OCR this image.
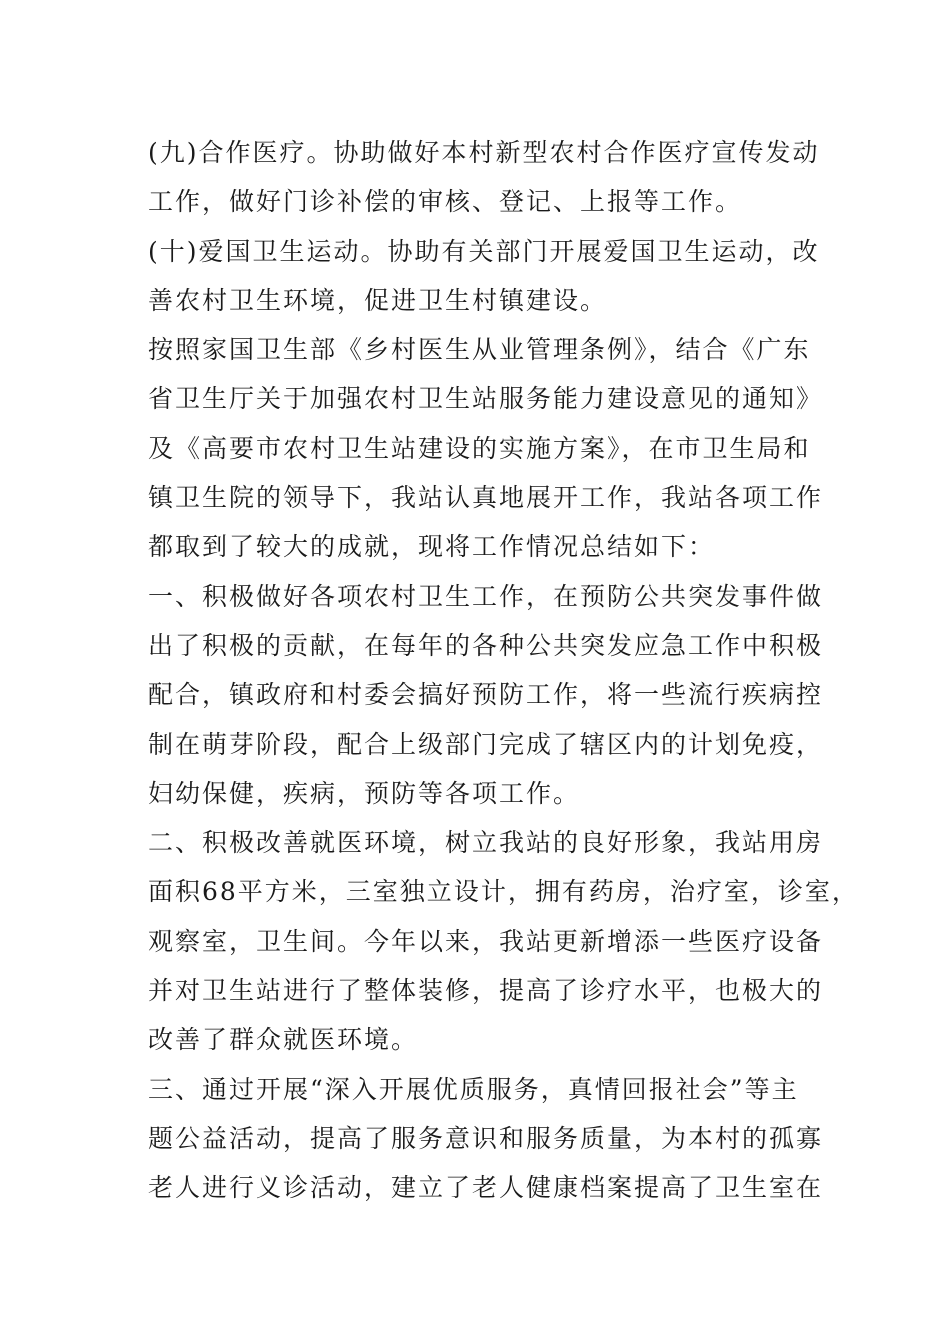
(九)合作医疗。协助做好本村新型农村合作医疗宣传发动
工作，做好门诊补偿的审核、登记、上报等工作。
(十)爱国卫生运动。协助有关部门开展爱国卫生运动，改
善农村卫生环境，促进卫生村镇建设。
按照家国卫生部《乡村医生从业管理条例》，结合《广东
省卫生厅关于加强农村卫生站服务能力建设意见的通知》
及《高要市农村卫生站建设的实施方案》，在市卫生局和
镇卫生院的领导下，我站认真地展开工作，我站各项工作
都取到了较大的成就，现将工作情况总结如下：
一、积极做好各项农村卫生工作，在预防公共突发事件做
出了积极的贡献，在每年的各种公共突发应急工作中积极
配合，镇政府和村委会搞好预防工作，将一些流行疾病控
制在萌芽阶段，配合上级部门完成了辖区内的计划免疫，
妇幼保健，疾病，预防等各项工作。
二、积极改善就医环境，树立我站的良好形象，我站用房
面积68平方米，三室独立设计，拥有药房，治疗室，诊室，
观察室，卫生间。今年以来，我站更新增添一些医疗设备
并对卫生站进行了整体装修，提高了诊疗水平，也极大的
改善了群众就医环境。
三、通过开展“深入开展优质服务，真情回报社会”等主
题公益活动，提高了服务意识和服务质量，为本村的孤寡
老人进行义诊活动，建立了老人健康档案提高了卫生室在
